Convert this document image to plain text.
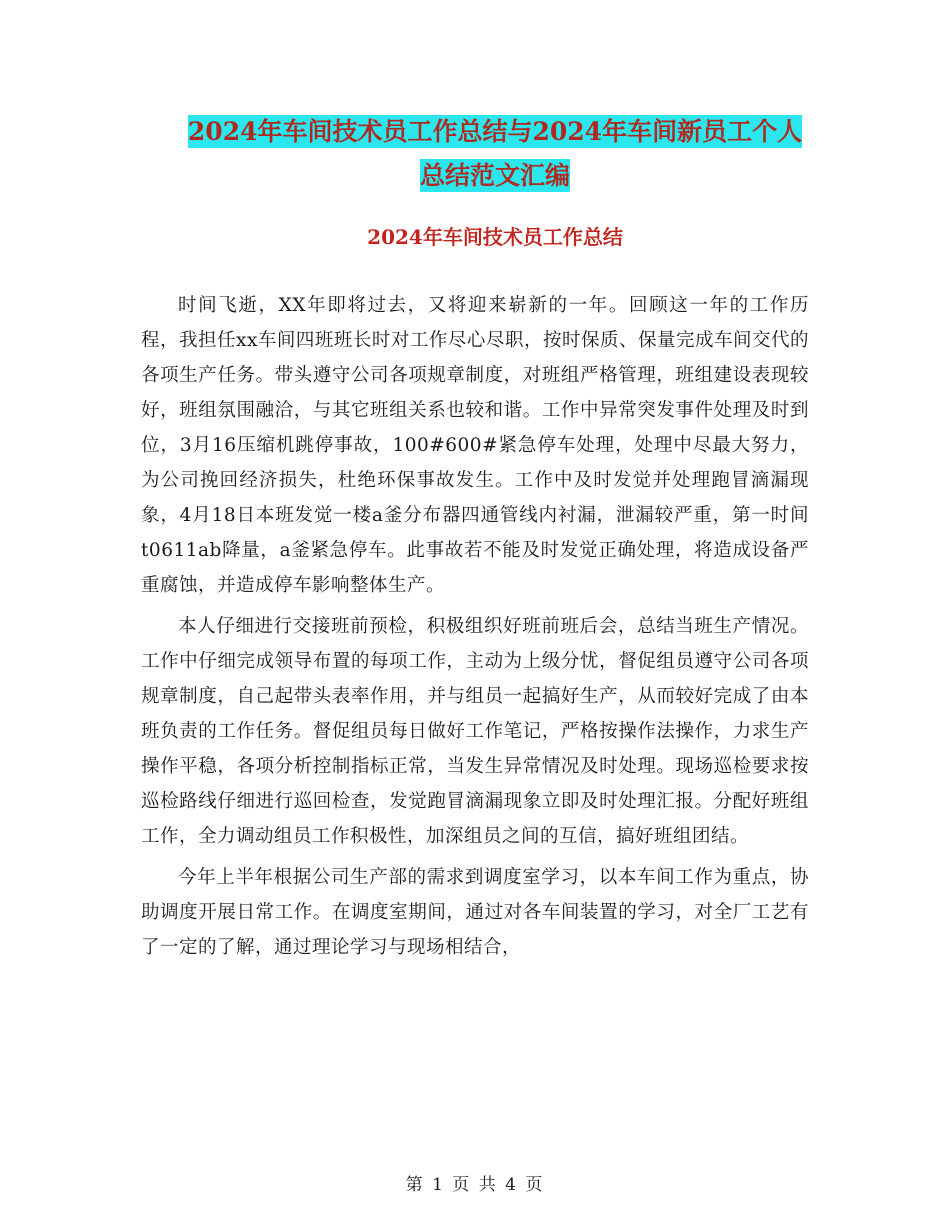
2024年车间技术员工作总结与2024年车间新员工个人
总结范文汇编
2024年车间技术员工作总结

时间飞逝，XX年即将过去，又将迎来崭新的一年。回顾这一年的工作历程，我担任xx车间四班班长时对工作尽心尽职，按时保质、保量完成车间交代的各项生产任务。带头遵守公司各项规章制度，对班组严格管理，班组建设表现较好，班组氛围融洽，与其它班组关系也较和谐。工作中异常突发事件处理及时到位，3月16压缩机跳停事故，100#600#紧急停车处理，处理中尽最大努力，为公司挽回经济损失，杜绝环保事故发生。工作中及时发觉并处理跑冒滴漏现象，4月18日本班发觉一楼a釜分布器四通管线内衬漏，泄漏较严重，第一时间t0611ab降量，a釜紧急停车。此事故若不能及时发觉正确处理，将造成设备严重腐蚀，并造成停车影响整体生产。

本人仔细进行交接班前预检，积极组织好班前班后会，总结当班生产情况。工作中仔细完成领导布置的每项工作，主动为上级分忧，督促组员遵守公司各项规章制度，自己起带头表率作用，并与组员一起搞好生产，从而较好完成了由本班负责的工作任务。督促组员每日做好工作笔记，严格按操作法操作，力求生产操作平稳，各项分析控制指标正常，当发生异常情况及时处理。现场巡检要求按巡检路线仔细进行巡回检查，发觉跑冒滴漏现象立即及时处理汇报。分配好班组工作，全力调动组员工作积极性，加深组员之间的互信，搞好班组团结。

今年上半年根据公司生产部的需求到调度室学习，以本车间工作为重点，协助调度开展日常工作。在调度室期间，通过对各车间装置的学习，对全厂工艺有了一定的了解，通过理论学习与现场相结合，

第 1 页 共 4 页
